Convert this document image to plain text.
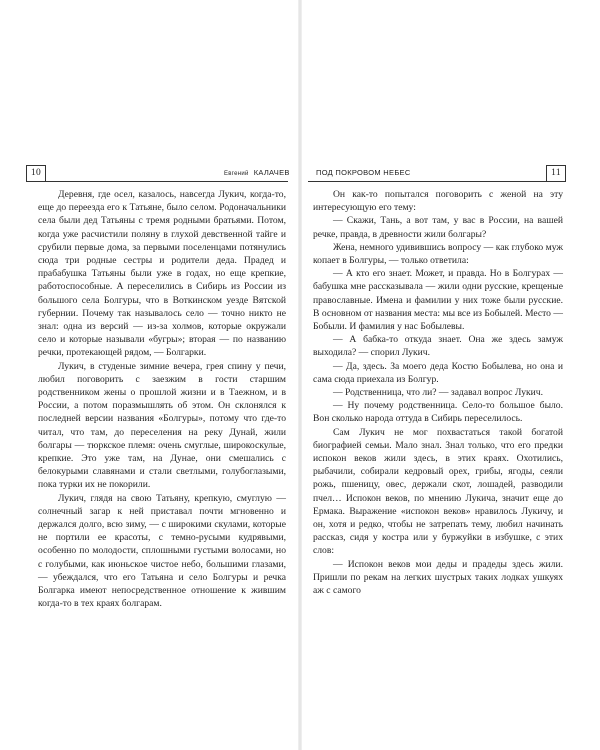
10	Евгений КАЛАЧЕВ

Деревня, где осел, казалось, навсегда Лукич, когда-то, еще до переезда его к Татьяне, было селом. Родоначальники села были дед Татьяны с тремя родными братьями. Потом, когда уже расчистили поляну в глухой девственной тайге и срубили первые дома, за первыми поселенцами потянулись сюда три родные сестры и родители деда. Прадед и прабабушка Татьяны были уже в годах, но еще крепкие, работоспособные. А переселились в Сибирь из России из большого села Болгуры, что в Воткинском уезде Вятской губернии. Почему так называлось село — точно никто не знал: одна из версий — из-за холмов, которые окружали село и которые называли «бугры»; вторая — по названию речки, протекающей рядом, — Болгарки.

Лукич, в студеные зимние вечера, грея спину у печи, любил поговорить с заезжим в гости старшим родственником жены о прошлой жизни и в Таежном, и в России, а потом поразмышлять об этом. Он склонялся к последней версии названия «Болгуры», потому что где-то читал, что там, до переселения на реку Дунай, жили болгары — тюркское племя: очень смуглые, широкоскулые, крепкие. Это уже там, на Дунае, они смешались с белокурыми славянами и стали светлыми, голубоглазыми, пока турки их не покорили.

Лукич, глядя на свою Татьяну, крепкую, смуглую — солнечный загар к ней приставал почти мгновенно и держался долго, всю зиму, — с широкими скулами, которые не портили ее красоты, с темно-русыми кудрявыми, особенно по молодости, сплошными густыми волосами, но с голубыми, как июньское чистое небо, большими глазами, — убеждался, что его Татьяна и село Болгуры и речка Болгарка имеют непосредственное отношение к жившим когда-то в тех краях болгарам.

ПОД ПОКРОВОМ НЕБЕС	11

Он как-то попытался поговорить с женой на эту интересующую его тему:

— Скажи, Тань, а вот там, у вас в России, на вашей речке, правда, в древности жили болгары?

Жена, немного удивившись вопросу — как глубоко муж копает в Болгуры, — только ответила:

— А кто его знает. Может, и правда. Но в Болгурах — бабушка мне рассказывала — жили одни русские, крещеные православные. Имена и фамилии у них тоже были русские. В основном от названия места: мы все из Бобылей. Место — Бобыли. И фамилия у нас Бобылевы.

— А бабка-то откуда знает. Она же здесь замуж выходила? — спорил Лукич.

— Да, здесь. За моего деда Костю Бобылева, но она и сама сюда приехала из Болгур.

— Родственница, что ли? — задавал вопрос Лукич.

— Ну почему родственница. Село-то большое было. Вон сколько народа оттуда в Сибирь переселилось.

Сам Лукич не мог похвастаться такой богатой биографией семьи. Мало знал. Знал только, что его предки испокон веков жили здесь, в этих краях. Охотились, рыбачили, собирали кедровый орех, грибы, ягоды, сеяли рожь, пшеницу, овес, держали скот, лошадей, разводили пчел… Испокон веков, по мнению Лукича, значит еще до Ермака. Выражение «испокон веков» нравилось Лукичу, и он, хотя и редко, чтобы не затрепать тему, любил начинать рассказ, сидя у костра или у буржуйки в избушке, с этих слов:

— Испокон веков мои деды и прадеды здесь жили. Пришли по рекам на легких шустрых таких лодках ушкуях аж с самого
